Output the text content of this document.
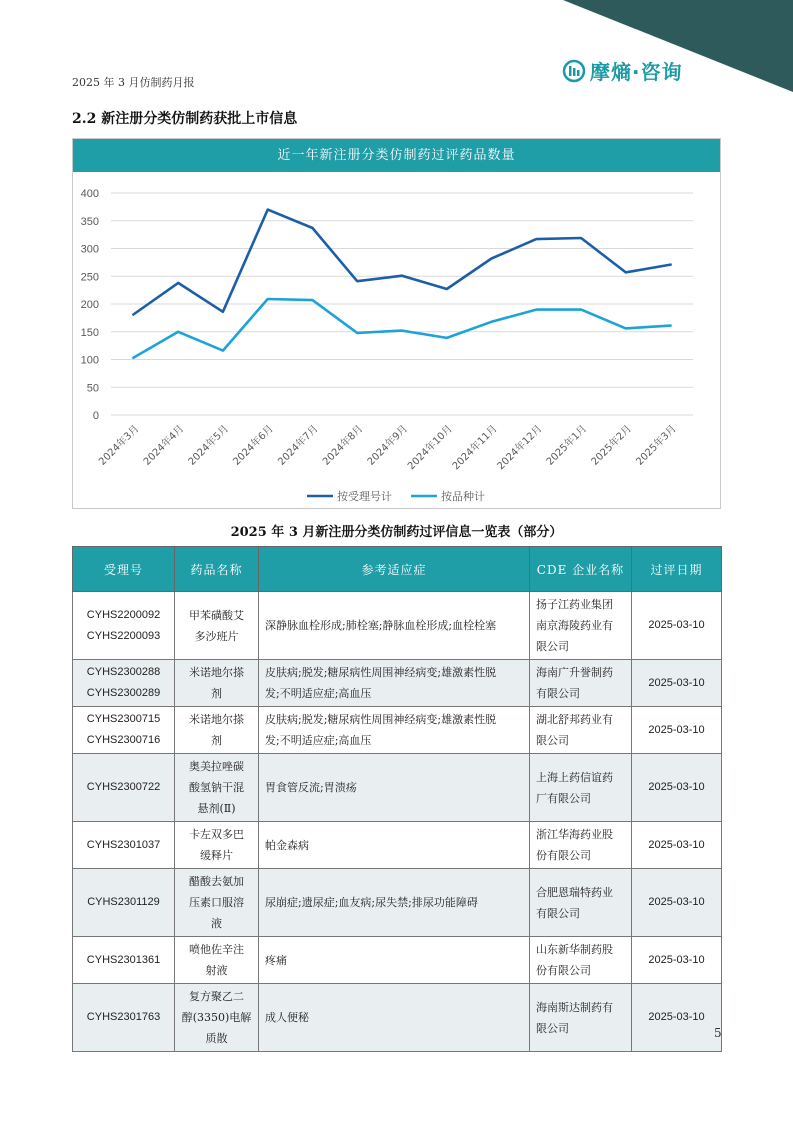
2025 年 3 月仿制药月报	摩熵·咨询
2.2 新注册分类仿制药获批上市信息
近一年新注册分类仿制药过评药品数量
0
50
100
150
200
250
300
350
400
2024年3月 2024年4月 2024年5月 2024年6月 2024年7月 2024年8月 2024年9月
2024年10月
2024年11月
2024年12月 2025年1月 2025年2月 2025年3月
按受理号计	按品种计
2025 年 3 月新注册分类仿制药过评信息一览表（部分）
受理号	药品名称	参考适应症	CDE 企业名称	过评日期

CYHS2200092
CYHS2200093	甲苯磺酸艾
多沙班片	深静脉血栓形成;肺栓塞;静脉血栓形成;血栓栓塞	扬子江药业集团
南京海陵药业有
限公司	2025-03-10

CYHS2300288
CYHS2300289	米诺地尔搽
剂	皮肤病;脱发;糖尿病性周围神经病变;雄激素性脱
发;不明适应症;高血压	海南广升誉制药
有限公司	2025-03-10

CYHS2300715
CYHS2300716	米诺地尔搽
剂	皮肤病;脱发;糖尿病性周围神经病变;雄激素性脱
发;不明适应症;高血压	湖北舒邦药业有
限公司	2025-03-10

CYHS2300722	奥美拉唑碳
酸氢钠干混
悬剂(Ⅱ)	胃食管反流;胃溃疡	上海上药信谊药
厂有限公司	2025-03-10

CYHS2301037	卡左双多巴
缓释片	帕金森病	浙江华海药业股
份有限公司	2025-03-10

CYHS2301129	醋酸去氨加
压素口服溶
液	尿崩症;遗尿症;血友病;尿失禁;排尿功能障碍	合肥恩瑞特药业
有限公司	2025-03-10

CYHS2301361	喷他佐辛注
射液	疼痛	山东新华制药股
份有限公司	2025-03-10

CYHS2301763	复方聚乙二
醇(3350)电解
质散	成人便秘	海南斯达制药有
限公司	2025-03-10
5
